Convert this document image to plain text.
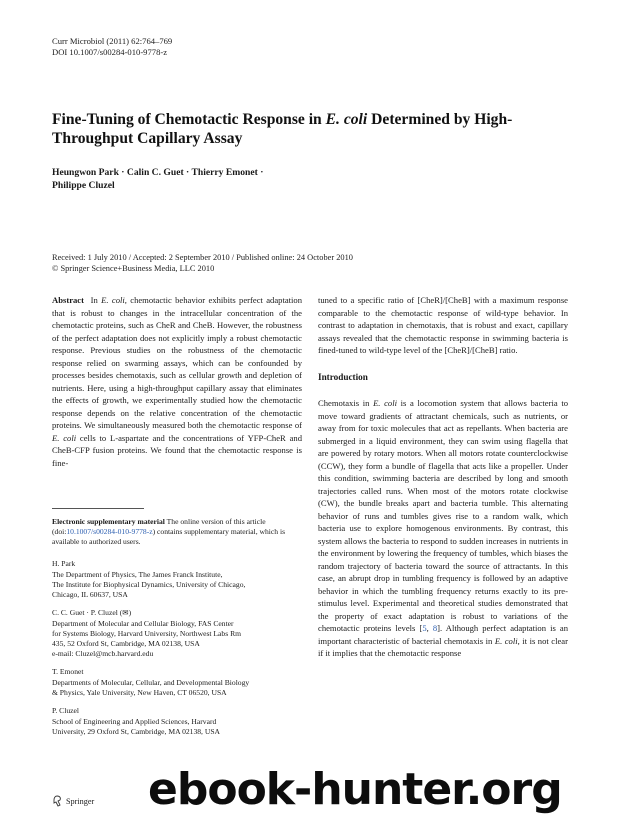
Curr Microbiol (2011) 62:764–769
DOI 10.1007/s00284-010-9778-z
Fine-Tuning of Chemotactic Response in E. coli Determined by High-Throughput Capillary Assay
Heungwon Park · Calin C. Guet · Thierry Emonet ·
Philippe Cluzel
Received: 1 July 2010 / Accepted: 2 September 2010 / Published online: 24 October 2010
© Springer Science+Business Media, LLC 2010

Abstract In E. coli, chemotactic behavior exhibits perfect adaptation that is robust to changes in the intracellular concentration of the chemotactic proteins, such as CheR and CheB. However, the robustness of the perfect adaptation does not explicitly imply a robust chemotactic response. Previous studies on the robustness of the chemotactic response relied on swarming assays, which can be confounded by processes besides chemotaxis, such as cellular growth and depletion of nutrients. Here, using a high-throughput capillary assay that eliminates the effects of growth, we experimentally studied how the chemotactic response depends on the relative concentration of the chemotactic proteins. We simultaneously measured both the chemotactic response of E. coli cells to L-aspartate and the concentrations of YFP-CheR and CheB-CFP fusion proteins. We found that the chemotactic response is fine-

Electronic supplementary material The online version of this article (doi:10.1007/s00284-010-9778-z) contains supplementary material, which is available to authorized users.
H. Park
The Department of Physics, The James Franck Institute,
The Institute for Biophysical Dynamics, University of Chicago,
Chicago, IL 60637, USA
C. C. Guet · P. Cluzel (✉)
Department of Molecular and Cellular Biology, FAS Center
for Systems Biology, Harvard University, Northwest Labs Rm
435, 52 Oxford St, Cambridge, MA 02138, USA
e-mail: Cluzel@mcb.harvard.edu
T. Emonet
Departments of Molecular, Cellular, and Developmental Biology
& Physics, Yale University, New Haven, CT 06520, USA
P. Cluzel
School of Engineering and Applied Sciences, Harvard
University, 29 Oxford St, Cambridge, MA 02138, USA

tuned to a specific ratio of [CheR]/[CheB] with a maximum response comparable to the chemotactic response of wild-type behavior. In contrast to adaptation in chemotaxis, that is robust and exact, capillary assays revealed that the chemotactic response in swimming bacteria is fined-tuned to wild-type level of the [CheR]/[CheB] ratio.

Introduction

Chemotaxis in E. coli is a locomotion system that allows bacteria to move toward gradients of attractant chemicals, such as nutrients, or away from for toxic molecules that act as repellants. When bacteria are submerged in a liquid environment, they can swim using flagella that are powered by rotary motors. When all motors rotate counterclockwise (CCW), they form a bundle of flagella that acts like a propeller. Under this condition, swimming bacteria are described by long and smooth trajectories called runs. When most of the motors rotate clockwise (CW), the bundle breaks apart and bacteria tumble. This alternating behavior of runs and tumbles gives rise to a random walk, which bacteria use to explore homogenous environments. By contrast, this system allows the bacteria to respond to sudden increases in nutrients in the environment by lowering the frequency of tumbles, which biases the random trajectory of bacteria toward the source of attractants. In this case, an abrupt drop in tumbling frequency is followed by an adaptive behavior in which the tumbling frequency returns exactly to its pre-stimulus level. Experimental and theoretical studies demonstrated that the property of exact adaptation is robust to variations of the chemotactic proteins levels [5, 8]. Although perfect adaptation is an important characteristic of bacterial chemotaxis in E. coli, it is not clear if it implies that the chemotactic response

Springer ebook-hunter.org
